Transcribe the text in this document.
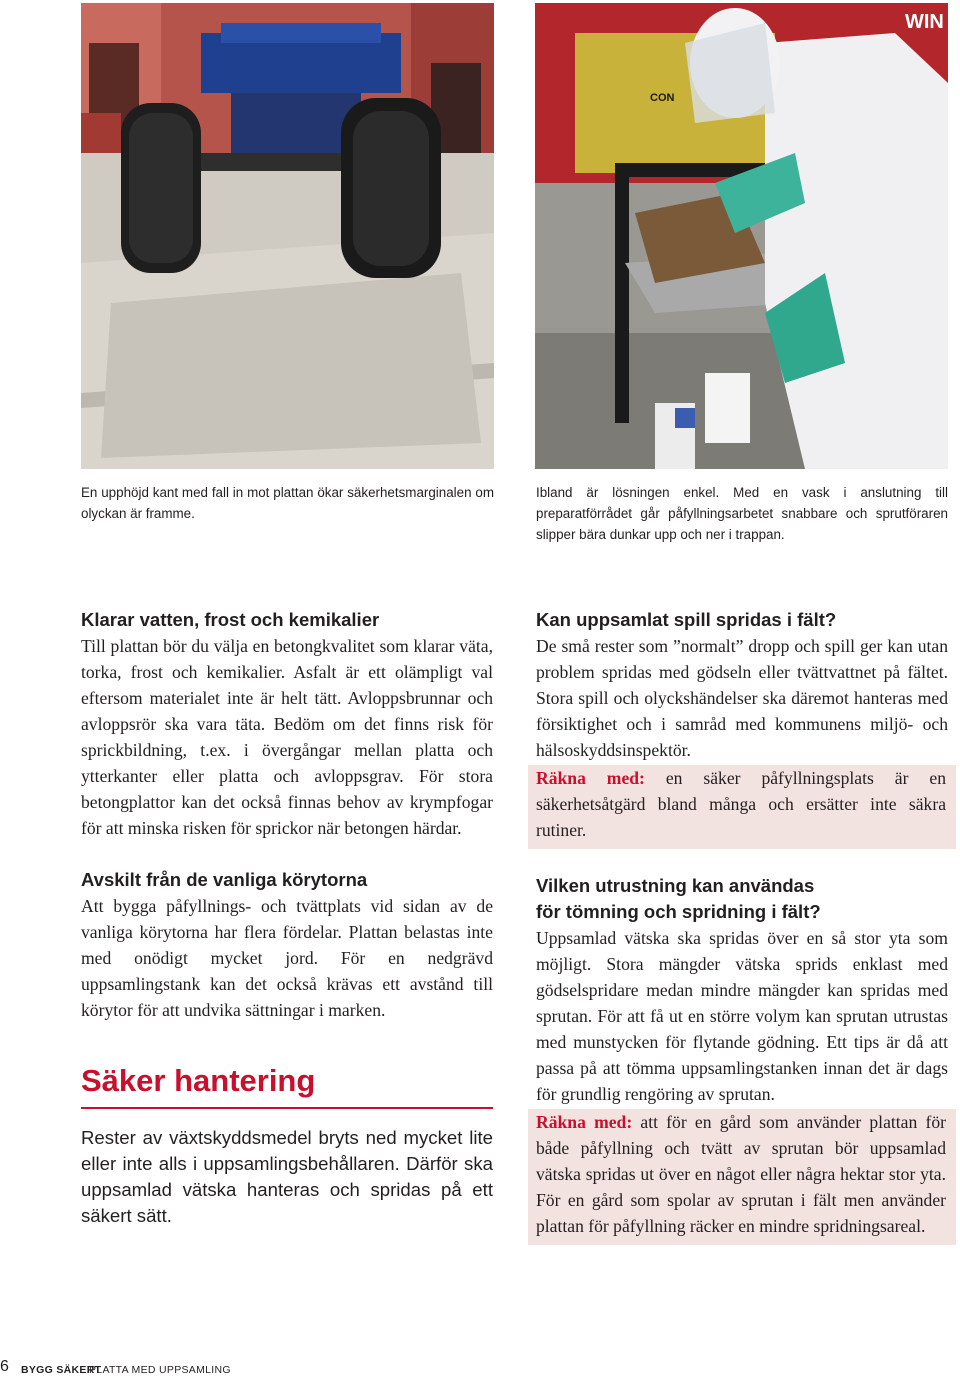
WIN
CON
En upphöjd kant med fall in mot plattan ökar säkerhetsmarginalen om olyckan är framme.
Ibland är lösningen enkel. Med en vask i anslutning till preparatförrådet går påfyllningsarbetet snabbare och sprutföraren slipper bära dunkar upp och ner i trappan.
Klarar vatten, frost och kemikalier

Till plattan bör du välja en betongkvalitet som klarar väta, torka, frost och kemikalier. Asfalt är ett olämpligt val eftersom materialet inte är helt tätt. Avloppsbrunnar och avloppsrör ska vara täta. Bedöm om det finns risk för sprickbildning, t.ex. i övergångar mellan platta och ytterkanter eller platta och avloppsgrav. För stora betongplattor kan det också finnas behov av krympfogar för att minska risken för sprickor när betongen härdar.

Avskilt från de vanliga körytorna

Att bygga påfyllnings- och tvättplats vid sidan av de vanliga körytorna har flera fördelar. Plattan belastas inte med onödigt mycket jord. För en nedgrävd uppsamlingstank kan det också krävas ett avstånd till körytor för att undvika sättningar i marken.

Säker hantering

Rester av växtskyddsmedel bryts ned mycket lite eller inte alls i uppsamlingsbehållaren. Därför ska uppsamlad vätska hanteras och spridas på ett säkert sätt.

Kan uppsamlat spill spridas i fält?

De små rester som ”normalt” dropp och spill ger kan utan problem spridas med gödseln eller tvättvattnet på fältet. Stora spill och olyckshändelser ska däremot hanteras med försiktighet och i samråd med kommunens miljö- och hälsoskyddsinspektör.

Räkna med: en säker påfyllningsplats är en säkerhetsåtgärd bland många och ersätter inte säkra rutiner.

Vilken utrustning kan användas
för tömning och spridning i fält?

Uppsamlad vätska ska spridas över en så stor yta som möjligt. Stora mängder vätska sprids enklast med gödselspridare medan mindre mängder kan spridas med sprutan. För att få ut en större volym kan sprutan utrustas med munstycken för flytande gödning. Ett tips är då att passa på att tömma uppsamlingstanken innan det är dags för grundlig rengöring av sprutan.

Räkna med: att för en gård som använder plattan för både påfyllning och tvätt av sprutan bör uppsamlad vätska spridas ut över en något eller några hektar stor yta. För en gård som spolar av sprutan i fält men använder plattan för påfyllning räcker en mindre spridningsareal.

6 BYGG SÄKERT
PLATTA MED UPPSAMLING
